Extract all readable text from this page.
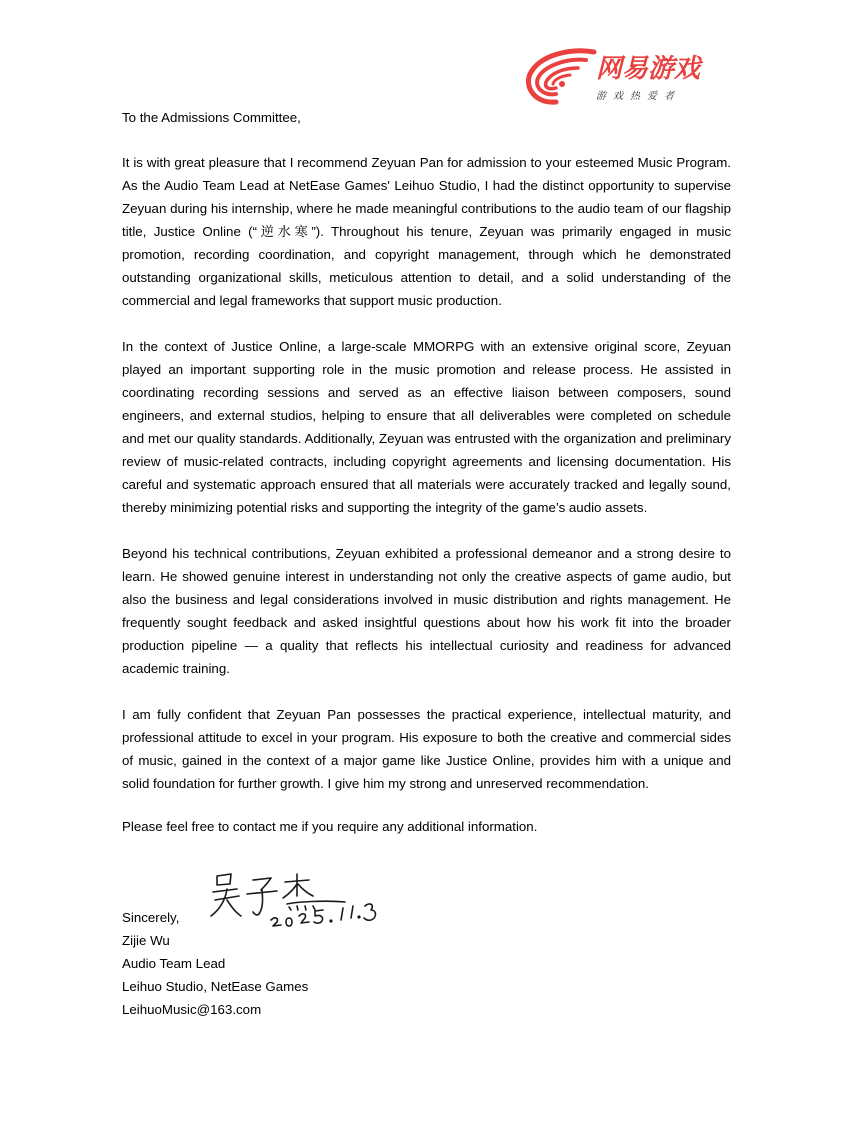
网易游戏
游戏热爱者

To the Admissions Committee,

It is with great pleasure that I recommend Zeyuan Pan for admission to your esteemed Music Program. As the Audio Team Lead at NetEase Games' Leihuo Studio, I had the distinct opportunity to supervise Zeyuan during his internship, where he made meaningful contributions to the audio team of our flagship title, Justice Online (“逆水寒”). Throughout his tenure, Zeyuan was primarily engaged in music promotion, recording coordination, and copyright management, through which he demonstrated outstanding organizational skills, meticulous attention to detail, and a solid understanding of the commercial and legal frameworks that support music production.

In the context of Justice Online, a large-scale MMORPG with an extensive original score, Zeyuan played an important supporting role in the music promotion and release process. He assisted in coordinating recording sessions and served as an effective liaison between composers, sound engineers, and external studios, helping to ensure that all deliverables were completed on schedule and met our quality standards. Additionally, Zeyuan was entrusted with the organization and preliminary review of music-related contracts, including copyright agreements and licensing documentation. His careful and systematic approach ensured that all materials were accurately tracked and legally sound, thereby minimizing potential risks and supporting the integrity of the game’s audio assets.

Beyond his technical contributions, Zeyuan exhibited a professional demeanor and a strong desire to learn. He showed genuine interest in understanding not only the creative aspects of game audio, but also the business and legal considerations involved in music distribution and rights management. He frequently sought feedback and asked insightful questions about how his work fit into the broader production pipeline — a quality that reflects his intellectual curiosity and readiness for advanced academic training.

I am fully confident that Zeyuan Pan possesses the practical experience, intellectual maturity, and professional attitude to excel in your program. His exposure to both the creative and commercial sides of music, gained in the context of a major game like Justice Online, provides him with a unique and solid foundation for further growth. I give him my strong and unreserved recommendation.

Please feel free to contact me if you require any additional information.

Sincerely,
Zijie Wu
Audio Team Lead
Leihuo Studio, NetEase Games
LeihuoMusic@163.com
